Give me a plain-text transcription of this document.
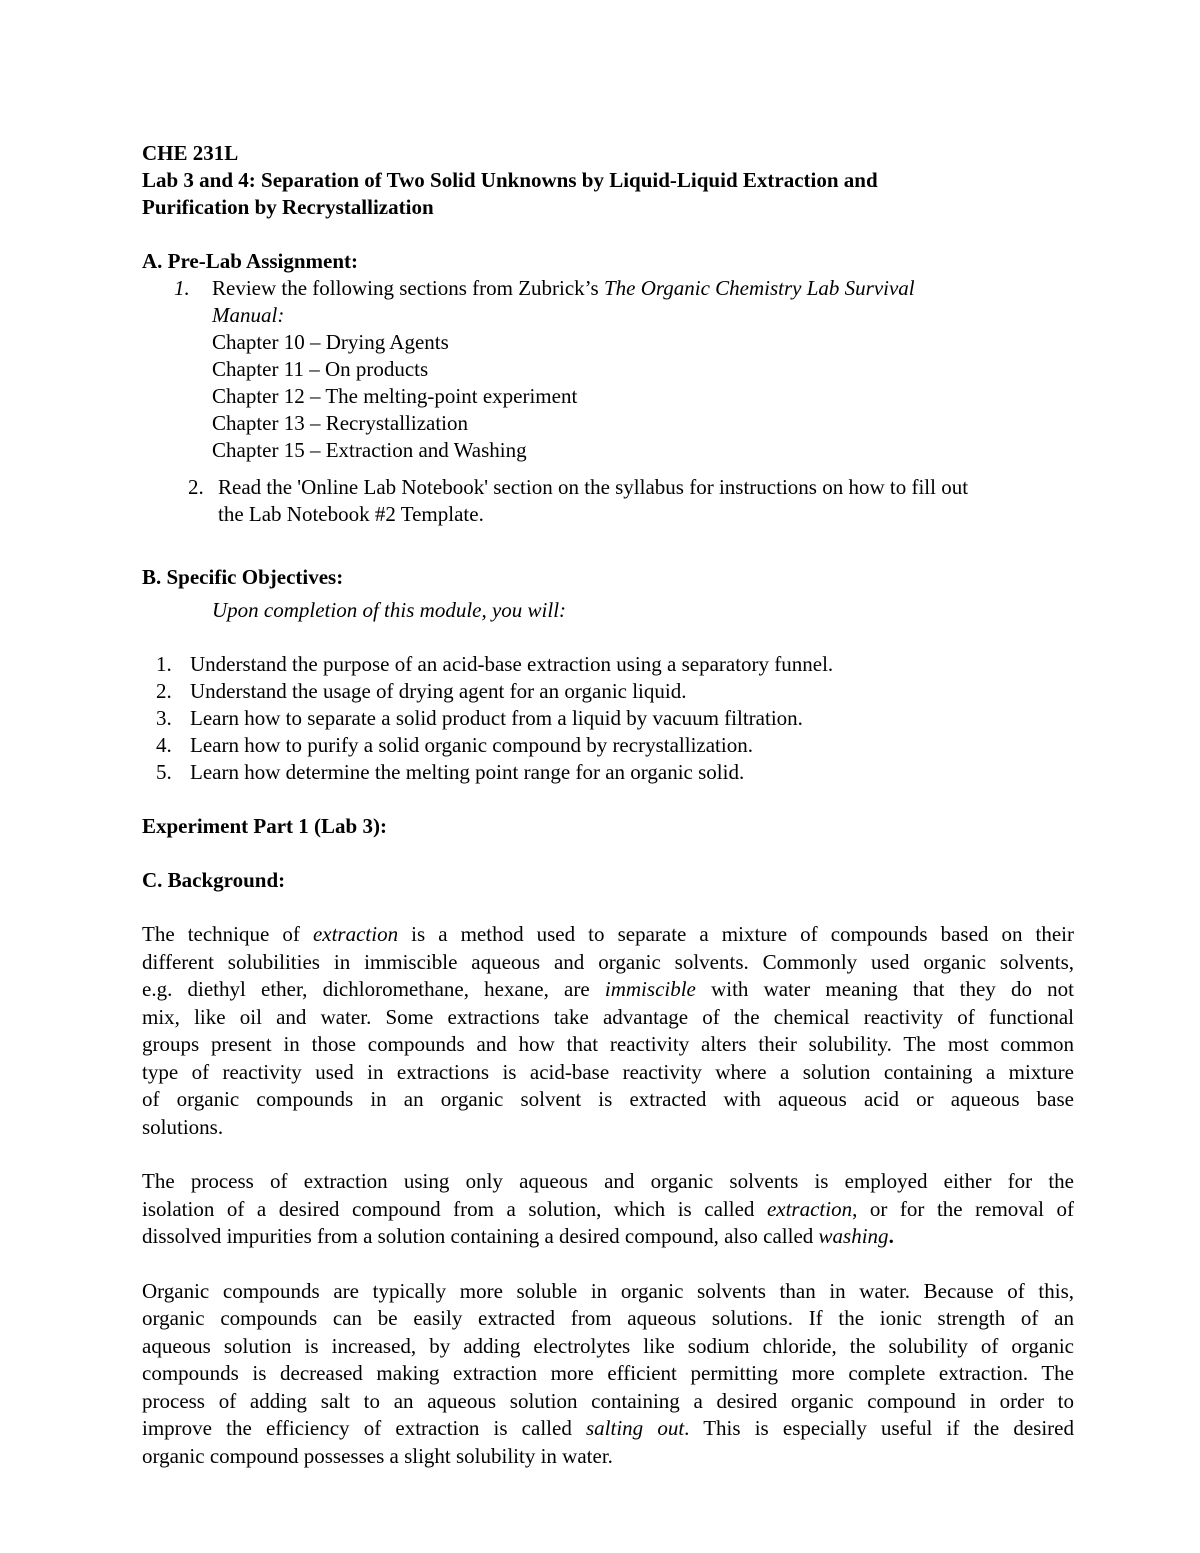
CHE 231L
Lab 3 and 4: Separation of Two Solid Unknowns by Liquid-Liquid Extraction and
Purification by Recrystallization
A. Pre-Lab Assignment:
1. Review the following sections from Zubrick’s The Organic Chemistry Lab Survival
Manual:
Chapter 10 – Drying Agents
Chapter 11 – On products
Chapter 12 – The melting-point experiment
Chapter 13 – Recrystallization
Chapter 15 – Extraction and Washing
2. Read the 'Online Lab Notebook' section on the syllabus for instructions on how to fill out
the Lab Notebook #2 Template.
B. Specific Objectives:
Upon completion of this module, you will:
1. Understand the purpose of an acid-base extraction using a separatory funnel.
2. Understand the usage of drying agent for an organic liquid.
3. Learn how to separate a solid product from a liquid by vacuum filtration.
4. Learn how to purify a solid organic compound by recrystallization.
5. Learn how determine the melting point range for an organic solid.
Experiment Part 1 (Lab 3):
C. Background:
The technique of extraction is a method used to separate a mixture of compounds based on their
different solubilities in immiscible aqueous and organic solvents. Commonly used organic solvents,
e.g. diethyl ether, dichloromethane, hexane, are immiscible with water meaning that they do not
mix, like oil and water. Some extractions take advantage of the chemical reactivity of functional
groups present in those compounds and how that reactivity alters their solubility. The most common
type of reactivity used in extractions is acid-base reactivity where a solution containing a mixture
of organic compounds in an organic solvent is extracted with aqueous acid or aqueous base
solutions.
The process of extraction using only aqueous and organic solvents is employed either for the
isolation of a desired compound from a solution, which is called extraction, or for the removal of
dissolved impurities from a solution containing a desired compound, also called washing.
Organic compounds are typically more soluble in organic solvents than in water. Because of this,
organic compounds can be easily extracted from aqueous solutions. If the ionic strength of an
aqueous solution is increased, by adding electrolytes like sodium chloride, the solubility of organic
compounds is decreased making extraction more efficient permitting more complete extraction. The
process of adding salt to an aqueous solution containing a desired organic compound in order to
improve the efficiency of extraction is called salting out. This is especially useful if the desired
organic compound possesses a slight solubility in water.
